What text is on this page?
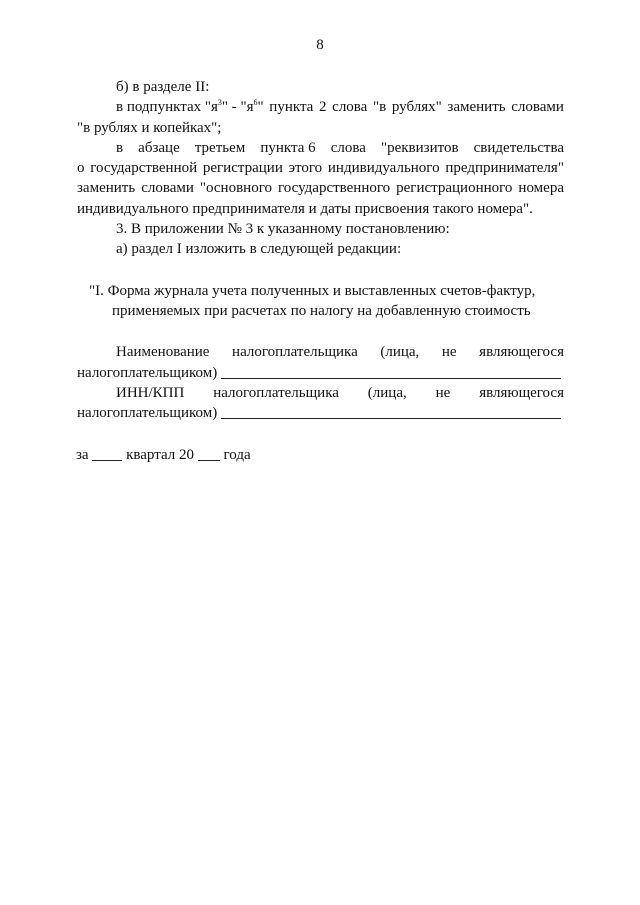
8
б) в разделе II:
в подпунктах "$я^3$" - "$я^6$" пункта 2 слова "в рублях" заменить словами
"в рублях и копейках";
в абзаце третьем пункта 6 слова "реквизитов свидетельства
о государственной регистрации этого индивидуального предпринимателя"
заменить словами "основного государственного регистрационного номера
индивидуального предпринимателя и даты присвоения такого номера".
3. В приложении № 3 к указанному постановлению:
а) раздел I изложить в следующей редакции:
"I. Форма журнала учета полученных и выставленных счетов-фактур,
применяемых при расчетах по налогу на добавленную стоимость
Наименование налогоплательщика (лица, не являющегося
налогоплательщиком)
ИНН/КПП налогоплательщика (лица, не являющегося
налогоплательщиком)
за	квартал 20 года
